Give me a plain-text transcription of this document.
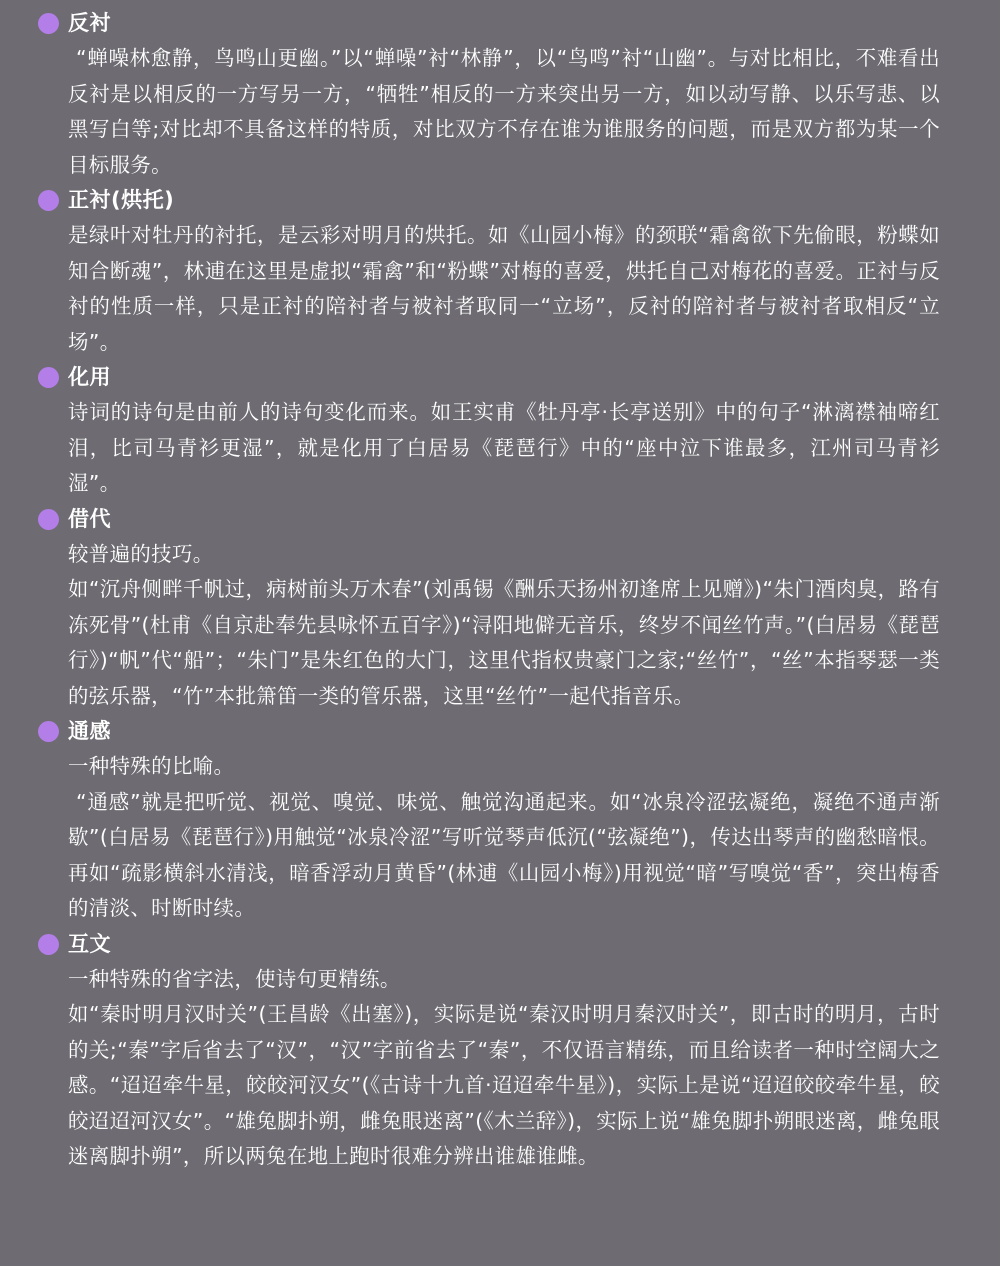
反衬

“蝉噪林愈静，鸟鸣山更幽。”以“蝉噪”衬“林静”，以“鸟鸣”衬“山幽”。与对比相比，不难看出反衬是以相反的一方写另一方，“牺牲”相反的一方来突出另一方，如以动写静、以乐写悲、以黑写白等;对比却不具备这样的特质，对比双方不存在谁为谁服务的问题，而是双方都为某一个目标服务。

正衬(烘托)

是绿叶对牡丹的衬托，是云彩对明月的烘托。如《山园小梅》的颈联“霜禽欲下先偷眼，粉蝶如知合断魂”，林逋在这里是虚拟“霜禽”和“粉蝶”对梅的喜爱，烘托自己对梅花的喜爱。正衬与反衬的性质一样，只是正衬的陪衬者与被衬者取同一“立场”，反衬的陪衬者与被衬者取相反“立场”。

化用

诗词的诗句是由前人的诗句变化而来。如王实甫《牡丹亭·长亭送别》中的句子“淋漓襟袖啼红泪，比司马青衫更湿”，就是化用了白居易《琵琶行》中的“座中泣下谁最多，江州司马青衫湿”。

借代

较普遍的技巧。

如“沉舟侧畔千帆过，病树前头万木春”(刘禹锡《酬乐天扬州初逢席上见赠》)“朱门酒肉臭，路有冻死骨”(杜甫《自京赴奉先县咏怀五百字》)“浔阳地僻无音乐，终岁不闻丝竹声。”(白居易《琵琶行》)“帆”代“船”；“朱门”是朱红色的大门，这里代指权贵豪门之家;“丝竹”，“丝”本指琴瑟一类的弦乐器，“竹”本批箫笛一类的管乐器，这里“丝竹”一起代指音乐。

通感

一种特殊的比喻。

“通感”就是把听觉、视觉、嗅觉、味觉、触觉沟通起来。如“冰泉冷涩弦凝绝，凝绝不通声渐歇”(白居易《琵琶行》)用触觉“冰泉冷涩”写听觉琴声低沉(“弦凝绝”)，传达出琴声的幽愁暗恨。再如“疏影横斜水清浅，暗香浮动月黄昏”(林逋《山园小梅》)用视觉“暗”写嗅觉“香”，突出梅香的清淡、时断时续。

互文

一种特殊的省字法，使诗句更精练。

如“秦时明月汉时关”(王昌龄《出塞》)，实际是说“秦汉时明月秦汉时关”，即古时的明月，古时的关;“秦”字后省去了“汉”，“汉”字前省去了“秦”，不仅语言精练，而且给读者一种时空阔大之感。“迢迢牵牛星，皎皎河汉女”(《古诗十九首·迢迢牵牛星》)，实际上是说“迢迢皎皎牵牛星，皎皎迢迢河汉女”。“雄兔脚扑朔，雌兔眼迷离”(《木兰辞》)，实际上说“雄兔脚扑朔眼迷离，雌兔眼迷离脚扑朔”，所以两兔在地上跑时很难分辨出谁雄谁雌。
